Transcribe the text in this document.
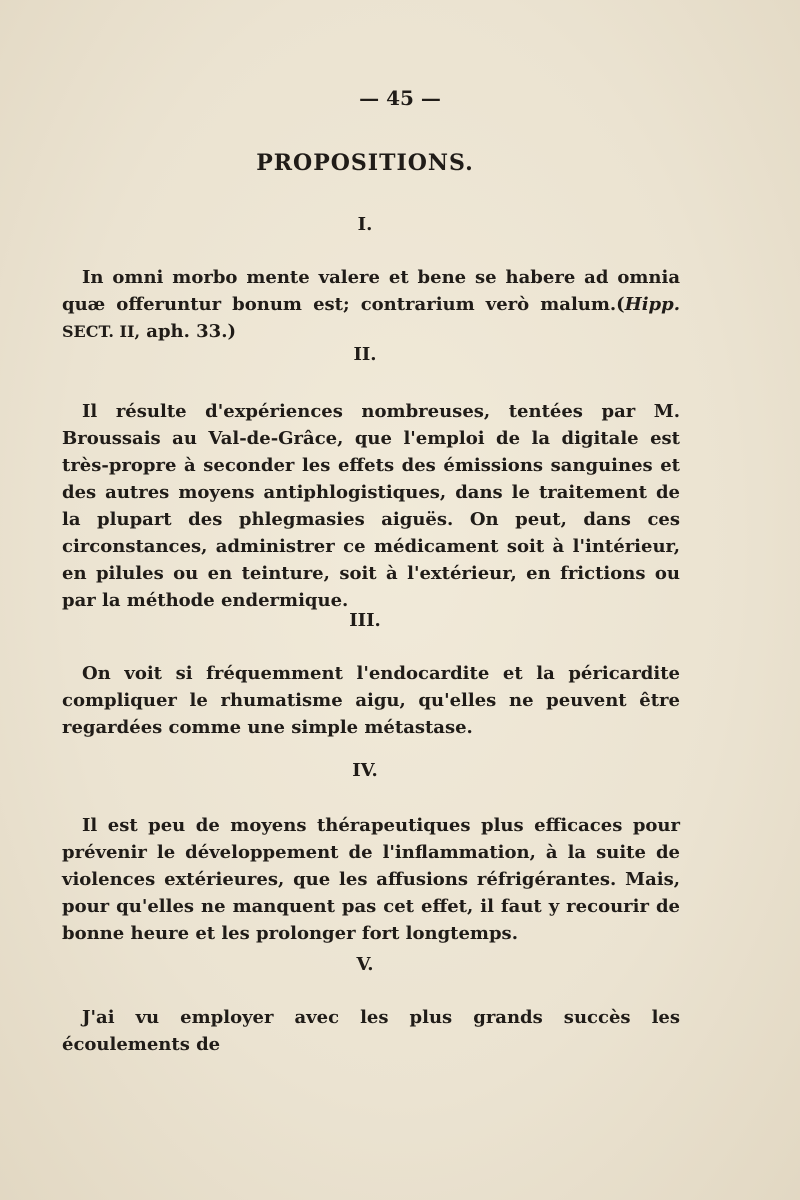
— 45 —
PROPOSITIONS.
I.

In omni morbo mente valere et bene se habere ad omnia quæ offeruntur bonum est; contrarium verò malum.(Hipp. SECT. II, aph. 33.)

II.

Il résulte d'expériences nombreuses, tentées par M. Broussais au Val-de-Grâce, que l'emploi de la digitale est très-propre à seconder les effets des émissions sanguines et des autres moyens antiphlogistiques, dans le traitement de la plupart des phlegmasies aiguës. On peut, dans ces circonstances, administrer ce médicament soit à l'intérieur, en pilules ou en teinture, soit à l'extérieur, en frictions ou par la méthode endermique.

III.

On voit si fréquemment l'endocardite et la péricardite compliquer le rhumatisme aigu, qu'elles ne peuvent être regardées comme une simple métastase.

IV.

Il est peu de moyens thérapeutiques plus efficaces pour prévenir le développement de l'inflammation, à la suite de violences extérieures, que les affusions réfrigérantes. Mais, pour qu'elles ne manquent pas cet effet, il faut y recourir de bonne heure et les prolonger fort longtemps.

V.

J'ai vu employer avec les plus grands succès les écoulements de
